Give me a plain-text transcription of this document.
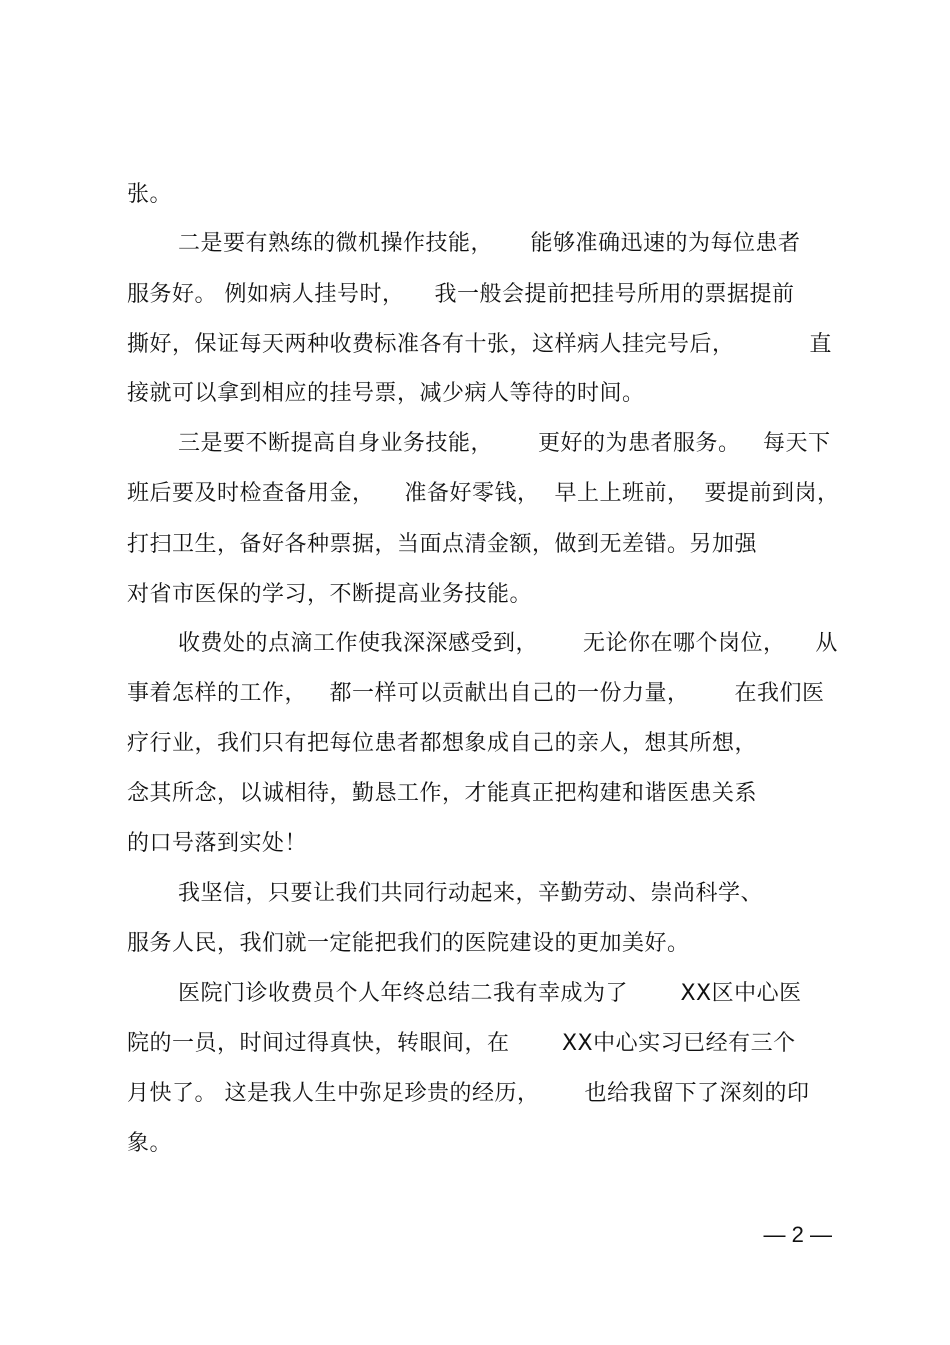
张。
二是要有熟练的微机操作技能，     能够准确迅速的为每位患者
服务好。 例如病人挂号时，    我一般会提前把挂号所用的票据提前
撕好，保证每天两种收费标准各有十张，这样病人挂完号后，          直
接就可以拿到相应的挂号票，减少病人等待的时间。
三是要不断提高自身业务技能，      更好的为患者服务。   每天下
班后要及时检查备用金，    准备好零钱，  早上上班前，  要提前到岗，
打扫卫生，备好各种票据，当面点清金额，做到无差错。另加强
对省市医保的学习，不断提高业务技能。
收费处的点滴工作使我深深感受到，      无论你在哪个岗位，    从
事着怎样的工作，   都一样可以贡献出自己的一份力量，      在我们医
疗行业，我们只有把每位患者都想象成自己的亲人，想其所想，
念其所念，以诚相待，勤恳工作，才能真正把构建和谐医患关系
的口号落到实处！
我坚信，只要让我们共同行动起来，辛勤劳动、崇尚科学、
服务人民，我们就一定能把我们的医院建设的更加美好。
医院门诊收费员个人年终总结二我有幸成为了       XX区中心医
院的一员，时间过得真快，转眼间，在       XX中心实习已经有三个
月快了。 这是我人生中弥足珍贵的经历，      也给我留下了深刻的印
象。
— 2 —
